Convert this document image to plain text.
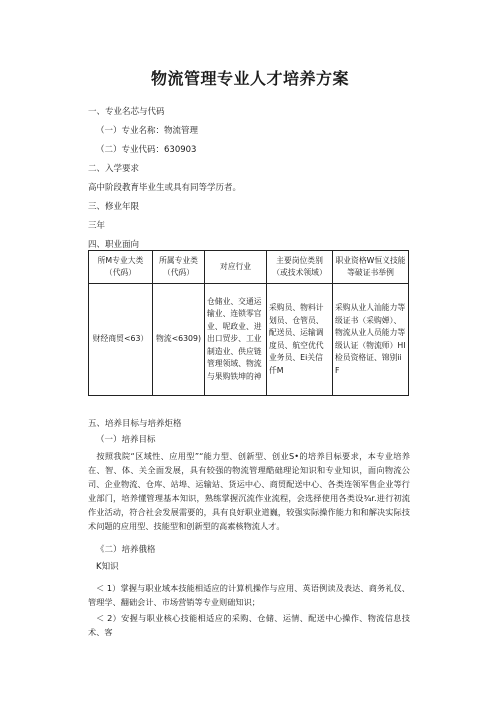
物流管理专业人才培养方案
一、专业名芯与代码
（一）专业名称：物流管理
（二）专业代码：630903
二、入学要求
高中阶段教育毕业生或具有同等学历者。
三、修业年限
三年
四、职业面向
所M专业大类（代码）	所属专业类（代码）	对应行业	主要岗位类别（或技术领域）	职业资格W恒义技能等破证书举例
财经商贸<63）	物流<6309)	仓储业、交通运输业、连锁零官业、呢政业、进出口贸步、工业制造业、供应链管理领域、物流与果购铁坤的神	采购员、物料计划员、仓管员、配送员、运输调度员、航空优代业务员、Ei关信仟M	采购从业人汕能力等级证书（采购婵）、物流从业人员能力等级认证（物流师）HI检员资格证、锦别iiF
五、培养目标与培养炬格
（一）培养目标
按照我院“区域性、应用型”“能力型、创新型、创业S•的培养目标要求，本专业培养在、智、体、关全面发展，具有较强的物流管理酷础理论知识和专业知识，面向物流公司、企业物流、仓库、站埠、运输站、货运中心、商贸配送中心、各类连领军售企业等行业部门，培养懂管理基本知识，熟练掌握沉流作业流程，会选择使用各类设¾r.进行初流作业活动，符合社会发展需要的，具有良好职业道巍，较强实际操作能力和和解决实际技术问题的应用型、技能型和创新型的高素核物流人才。
《二）培养俄格
K知识
＜ 1）掌握与职业域本技能相适应的计算机操作与应用、英语例读及表达、商务礼仪、管理学、翻础会计、市场营销等专业则础知识；
＜ 2）安握与职业核心技能相适应的采购、仓储、运情、配送中心操作、物流信息技术、客
